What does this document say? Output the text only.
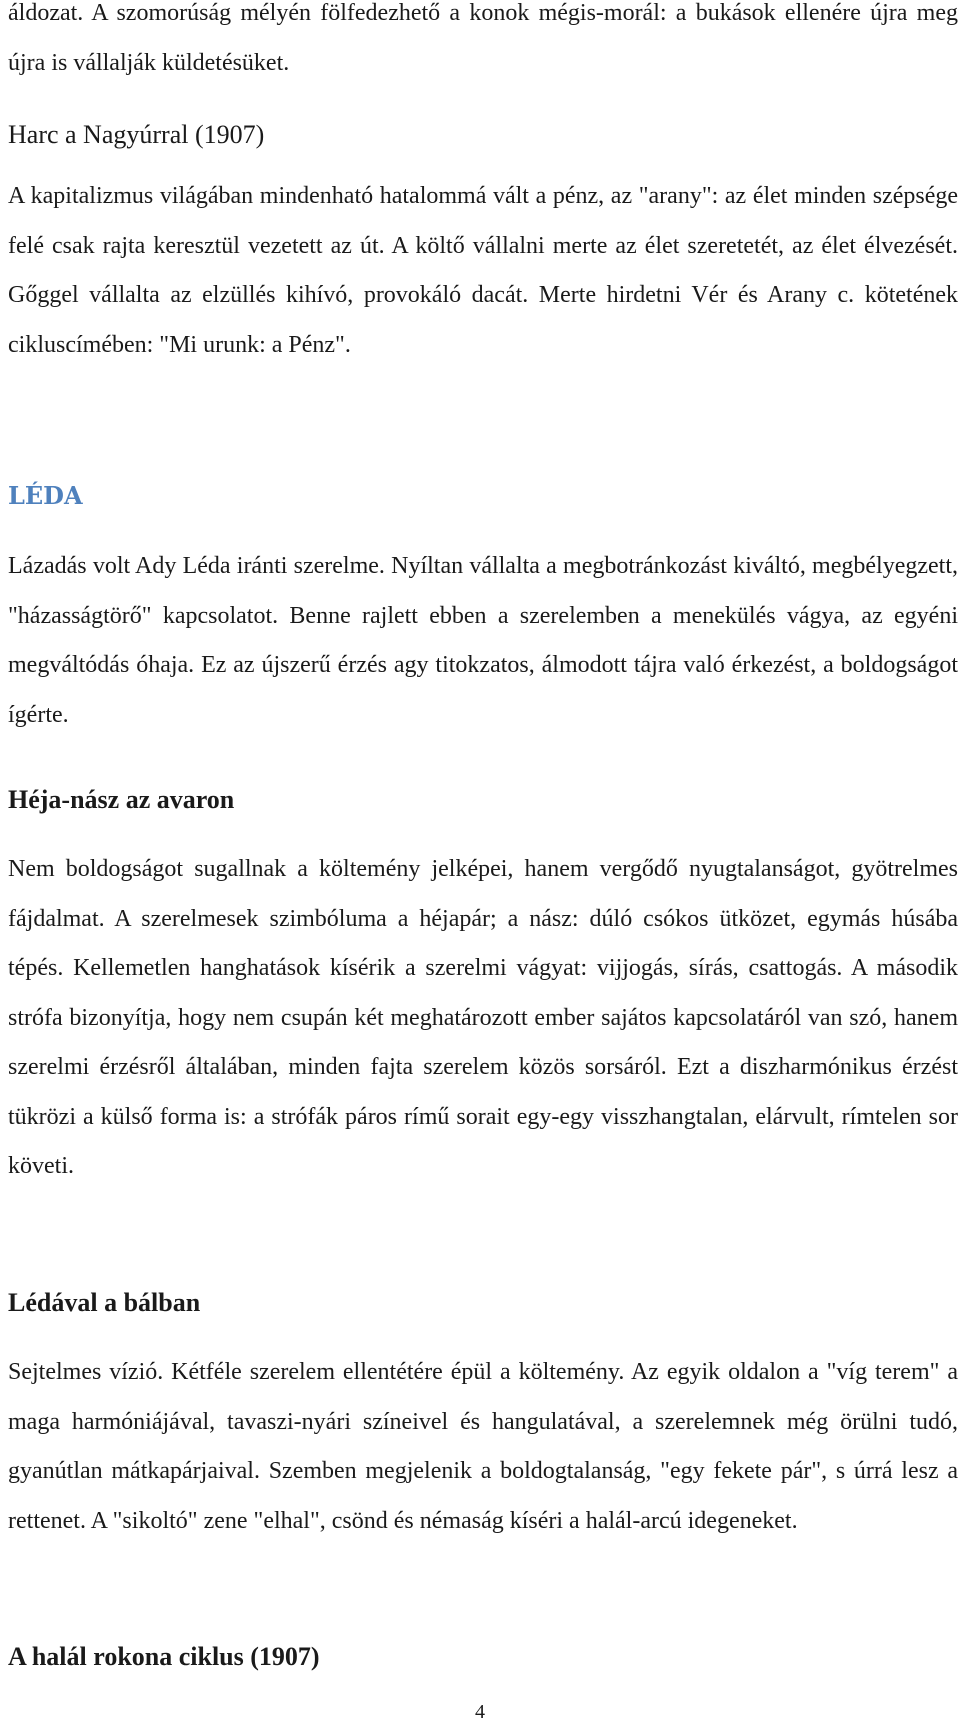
áldozat. A szomorúság mélyén fölfedezhető a konok mégis-morál: a bukások ellenére újra meg újra is vállalják küldetésüket.

Harc a Nagyúrral (1907)

A kapitalizmus világában mindenható hatalommá vált a pénz, az "arany": az élet minden szépsége felé csak rajta keresztül vezetett az út. A költő vállalni merte az élet szeretetét, az élet élvezését. Gőggel vállalta az elzüllés kihívó, provokáló dacát. Merte hirdetni Vér és Arany c. kötetének cikluscímében: "Mi urunk: a Pénz".

LÉDA

Lázadás volt Ady Léda iránti szerelme. Nyíltan vállalta a megbotránkozást kiváltó, megbélyegzett, "házasságtörő" kapcsolatot. Benne rajlett ebben a szerelemben a menekülés vágya, az egyéni megváltódás óhaja. Ez az újszerű érzés agy titokzatos, álmodott tájra való érkezést, a boldogságot ígérte.

Héja-nász az avaron

Nem boldogságot sugallnak a költemény jelképei, hanem vergődő nyugtalanságot, gyötrelmes fájdalmat. A szerelmesek szimbóluma a héjapár; a nász: dúló csókos ütközet, egymás húsába tépés. Kellemetlen hanghatások kísérik a szerelmi vágyat: vijjogás, sírás, csattogás. A második strófa bizonyítja, hogy nem csupán két meghatározott ember sajátos kapcsolatáról van szó, hanem szerelmi érzésről általában, minden fajta szerelem közös sorsáról. Ezt a diszharmónikus érzést tükrözi a külső forma is: a strófák páros rímű sorait egy-egy visszhangtalan, elárvult, rímtelen sor követi.

Lédával a bálban

Sejtelmes vízió. Kétféle szerelem ellentétére épül a költemény. Az egyik oldalon a "víg terem" a maga harmóniájával, tavaszi-nyári színeivel és hangulatával, a szerelemnek még örülni tudó, gyanútlan mátkapárjaival. Szemben megjelenik a boldogtalanság, "egy fekete pár", s úrrá lesz a rettenet. A "sikoltó" zene "elhal", csönd és némaság kíséri a halál-arcú idegeneket.

A halál rokona ciklus (1907)
4
